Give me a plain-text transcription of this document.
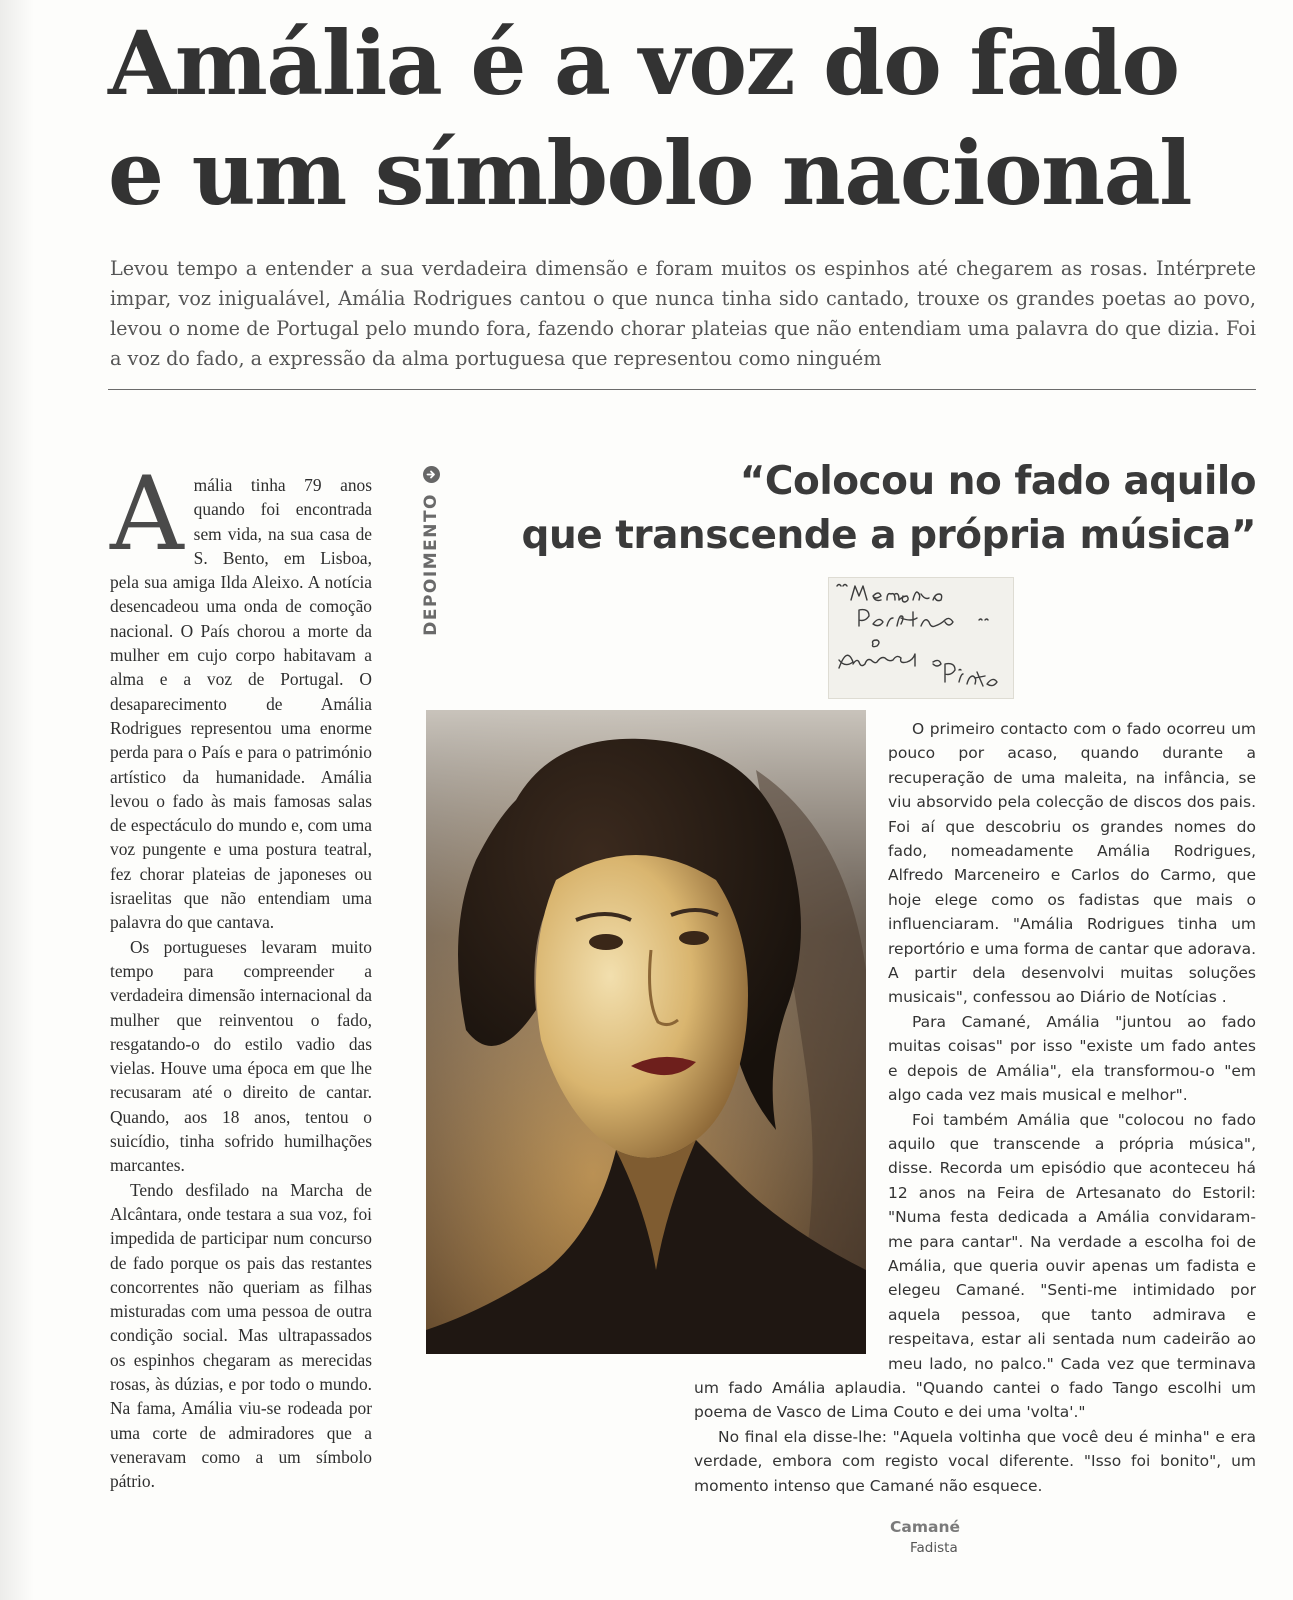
Amália é a voz do fado
e um símbolo nacional

Levou tempo a entender a sua verdadeira dimensão e foram muitos os espinhos até chegarem as rosas. Intérprete impar, voz inigualável, Amália Rodrigues cantou o que nunca tinha sido cantado, trouxe os grandes poetas ao povo, levou o nome de Portugal pelo mundo fora, fazendo chorar plateias que não entendiam uma palavra do que dizia. Foi a voz do fado, a expressão da alma portuguesa que representou como ninguém

Amália tinha 79 anos quando foi encontrada sem vida, na sua casa de S. Bento, em Lisboa, pela sua amiga Ilda Aleixo. A notícia desencadeou uma onda de comoção nacional. O País chorou a morte da mulher em cujo corpo habitavam a alma e a voz de Portugal. O desaparecimento de Amália Rodrigues representou uma enorme perda para o País e para o património artístico da humanidade. Amália levou o fado às mais famosas salas de espectáculo do mundo e, com uma voz pungente e uma postura teatral, fez chorar plateias de japoneses ou israelitas que não entendiam uma palavra do que cantava.

Os portugueses levaram muito tempo para compreender a verdadeira dimensão internacional da mulher que reinventou o fado, resgatando-o do estilo vadio das vielas. Houve uma época em que lhe recusaram até o direito de cantar. Quando, aos 18 anos, tentou o suicídio, tinha sofrido humilhações marcantes.

Tendo desfilado na Marcha de Alcântara, onde testara a sua voz, foi impedida de participar num concurso de fado porque os pais das restantes concorrentes não queriam as filhas misturadas com uma pessoa de outra condição social. Mas ultrapassados os espinhos chegaram as merecidas rosas, às dúzias, e por todo o mundo. Na fama, Amália viu-se rodeada por uma corte de admiradores que a veneravam como a um símbolo pátrio.

DEPOIMENTO
“Colocou no fado aquilo
que transcende a própria música”

O primeiro contacto com o fado ocorreu um pouco por acaso, quando durante a recuperação de uma maleita, na infância, se viu absorvido pela colecção de discos dos pais. Foi aí que descobriu os grandes nomes do fado, nomeadamente Amália Rodrigues, Alfredo Marceneiro e Carlos do Carmo, que hoje elege como os fadistas que mais o influenciaram. "Amália Rodrigues tinha um reportório e uma forma de cantar que adorava. A partir dela desenvolvi muitas soluções musicais", confessou ao Diário de Notícias .

Para Camané, Amália "juntou ao fado muitas coisas" por isso "existe um fado antes e depois de Amália", ela transformou-o "em algo cada vez mais musical e melhor".

Foi também Amália que "colocou no fado aquilo que transcende a própria música", disse. Recorda um episódio que aconteceu há 12 anos na Feira de Artesanato do Estoril: "Numa festa dedicada a Amália convidaram-me para cantar". Na verdade a escolha foi de Amália, que queria ouvir apenas um fadista e elegeu Camané. "Senti-me intimidado por aquela pessoa, que tanto admirava e respeitava, estar ali sentada num cadeirão ao meu lado, no palco." Cada vez que terminava um fado Amália aplaudia. "Quando cantei o fado Tango escolhi um poema de Vasco de Lima Couto e dei uma 'volta'."

No final ela disse-lhe: "Aquela voltinha que você deu é minha" e era verdade, embora com registo vocal diferente. "Isso foi bonito", um momento intenso que Camané não esquece.

Camané
Fadista
